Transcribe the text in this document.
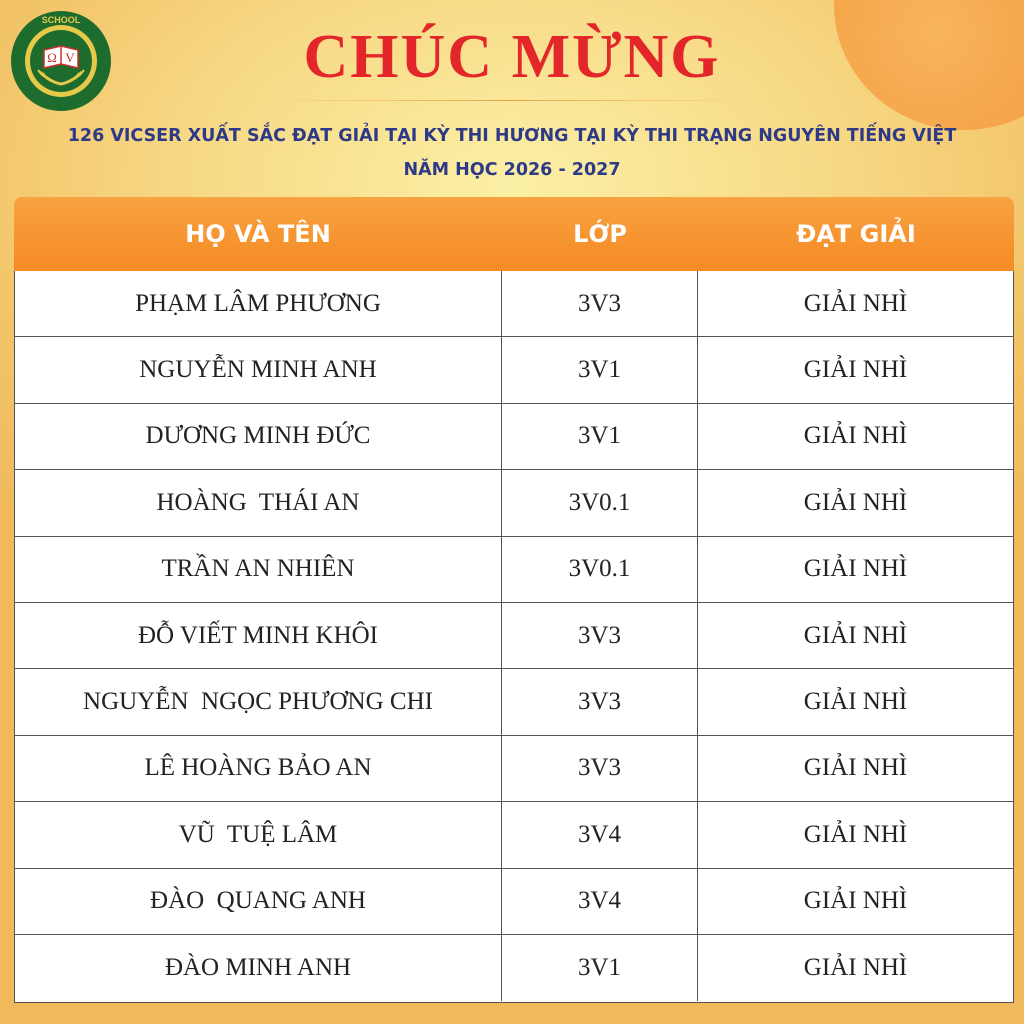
Ω V
SCHOOL
CHÚC MỪNG

126 VICSER XUẤT SẮC ĐẠT GIẢI TẠI KỲ THI HƯƠNG TẠI KỲ THI TRẠNG NGUYÊN TIẾNG VIỆT

NĂM HỌC 2026 - 2027

HỌ VÀ TÊN	LỚP	ĐẠT GIẢI
PHẠM LÂM PHƯƠNG	3V3	GIẢI NHÌ
NGUYỄN MINH ANH	3V1	GIẢI NHÌ
DƯƠNG MINH ĐỨC	3V1	GIẢI NHÌ
HOÀNG  THÁI AN	3V0.1	GIẢI NHÌ
TRẦN AN NHIÊN	3V0.1	GIẢI NHÌ
ĐỖ VIẾT MINH KHÔI	3V3	GIẢI NHÌ
NGUYỄN  NGỌC PHƯƠNG CHI	3V3	GIẢI NHÌ
LÊ HOÀNG BẢO AN	3V3	GIẢI NHÌ
VŨ  TUỆ LÂM	3V4	GIẢI NHÌ
ĐÀO  QUANG ANH	3V4	GIẢI NHÌ
ĐÀO MINH ANH	3V1	GIẢI NHÌ
